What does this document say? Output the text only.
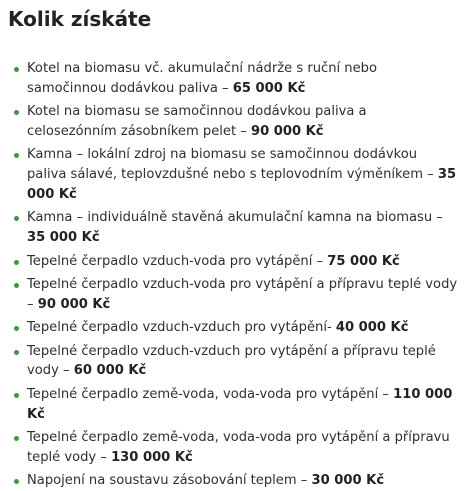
Kolik získáte
Kotel na biomasu vč. akumulační nádrže s ruční nebo samočinnou dodávkou paliva – 65 000 Kč
Kotel na biomasu se samočinnou dodávkou paliva a celosezónním zásobníkem pelet – 90 000 Kč
Kamna – lokální zdroj na biomasu se samočinnou dodávkou paliva sálavé, teplovzdušné nebo s teplovodním výměníkem – 35 000 Kč
Kamna – individuálně stavěná akumulační kamna na biomasu – 35 000 Kč
Tepelné čerpadlo vzduch-voda pro vytápění – 75 000 Kč
Tepelné čerpadlo vzduch-voda pro vytápění a přípravu teplé vody – 90 000 Kč
Tepelné čerpadlo vzduch-vzduch pro vytápění- 40 000 Kč
Tepelné čerpadlo vzduch-vzduch pro vytápění a přípravu teplé vody – 60 000 Kč
Tepelné čerpadlo země-voda, voda-voda pro vytápění – 110 000 Kč
Tepelné čerpadlo země-voda, voda-voda pro vytápění a přípravu teplé vody – 130 000 Kč
Napojení na soustavu zásobování teplem – 30 000 Kč
